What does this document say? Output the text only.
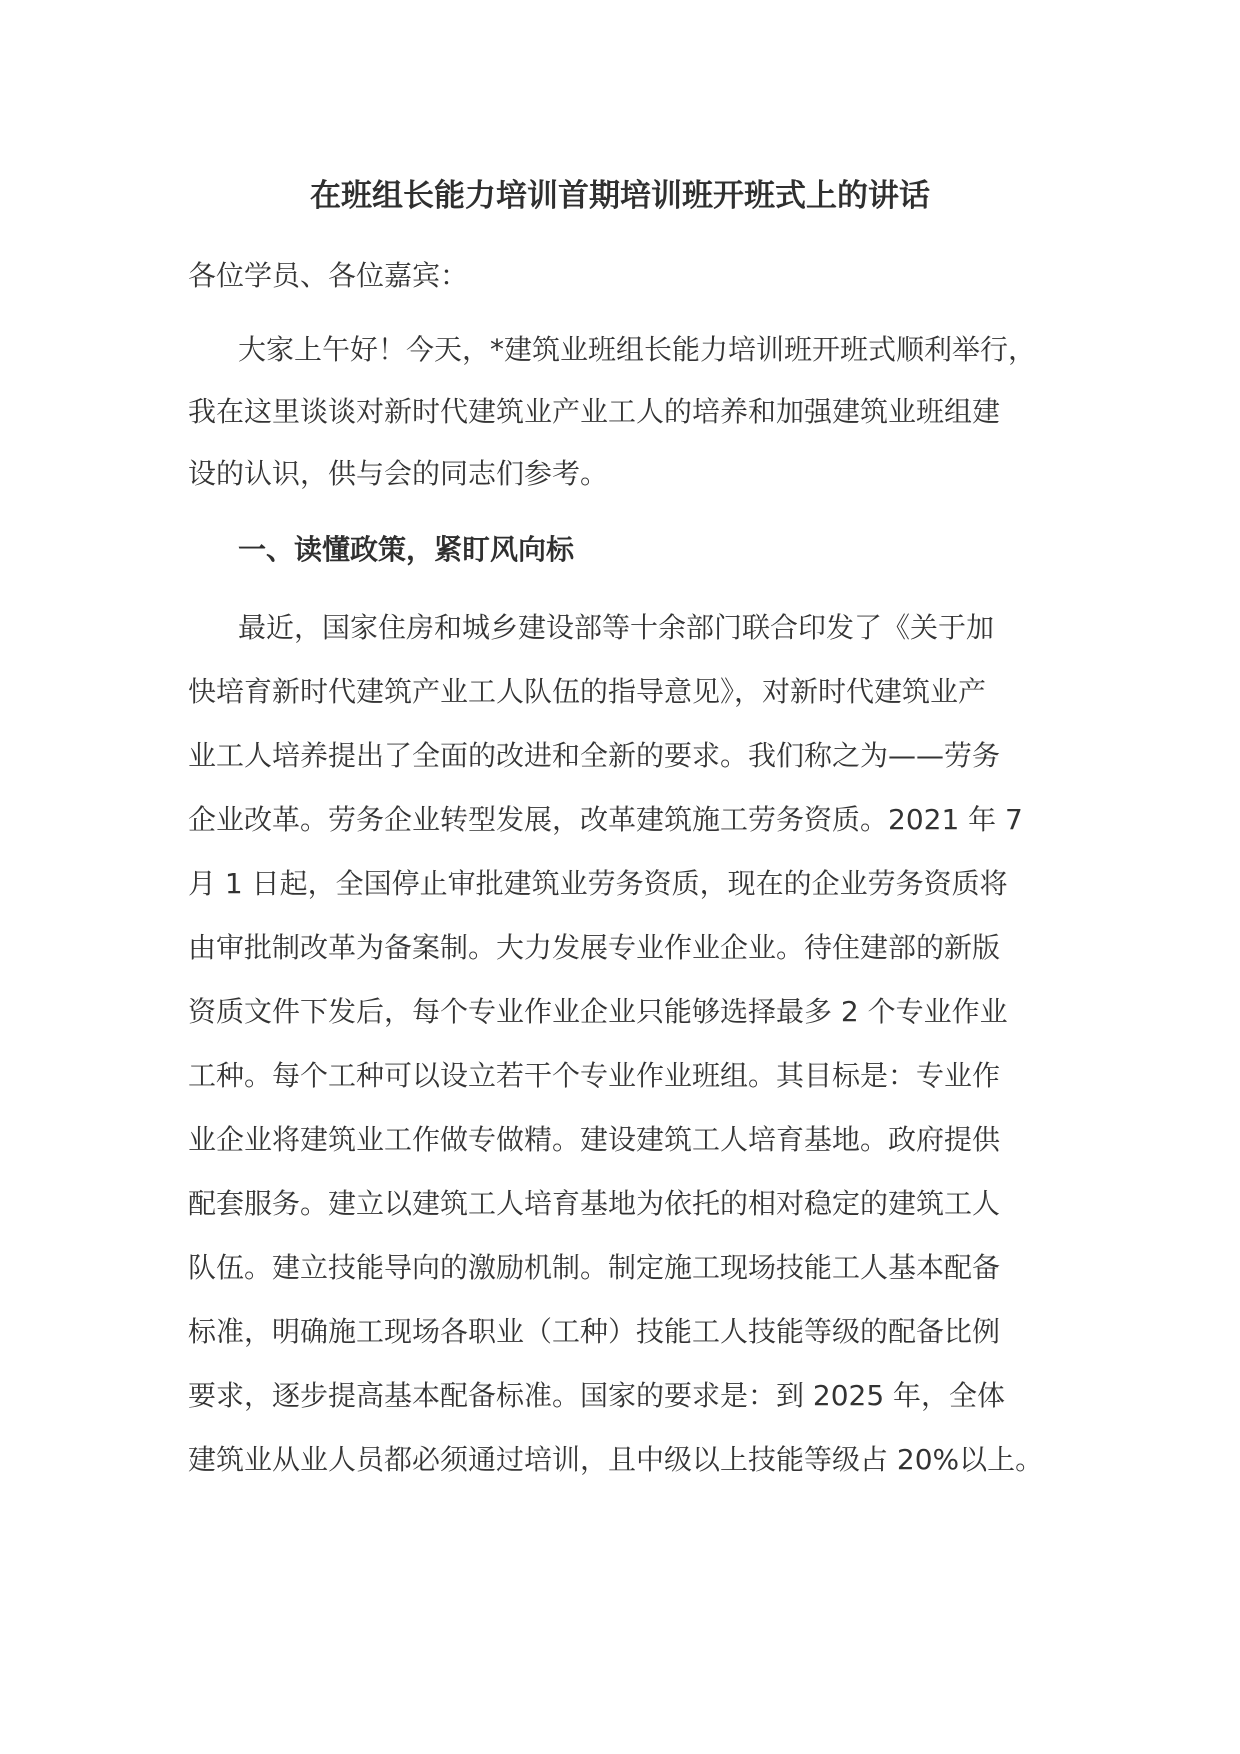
在班组长能力培训首期培训班开班式上的讲话
各位学员、各位嘉宾：
大家上午好！今天，*建筑业班组长能力培训班开班式顺利举行，
我在这里谈谈对新时代建筑业产业工人的培养和加强建筑业班组建
设的认识，供与会的同志们参考。
一、读懂政策，紧盯风向标
最近，国家住房和城乡建设部等十余部门联合印发了《关于加
快培育新时代建筑产业工人队伍的指导意见》，对新时代建筑业产
业工人培养提出了全面的改进和全新的要求。我们称之为——劳务
企业改革。劳务企业转型发展，改革建筑施工劳务资质。2021 年 7
月 1 日起，全国停止审批建筑业劳务资质，现在的企业劳务资质将
由审批制改革为备案制。大力发展专业作业企业。待住建部的新版
资质文件下发后，每个专业作业企业只能够选择最多 2 个专业作业
工种。每个工种可以设立若干个专业作业班组。其目标是：专业作
业企业将建筑业工作做专做精。建设建筑工人培育基地。政府提供
配套服务。建立以建筑工人培育基地为依托的相对稳定的建筑工人
队伍。建立技能导向的激励机制。制定施工现场技能工人基本配备
标准，明确施工现场各职业（工种）技能工人技能等级的配备比例
要求，逐步提高基本配备标准。国家的要求是：到 2025 年，全体
建筑业从业人员都必须通过培训，且中级以上技能等级占 20%以上。
